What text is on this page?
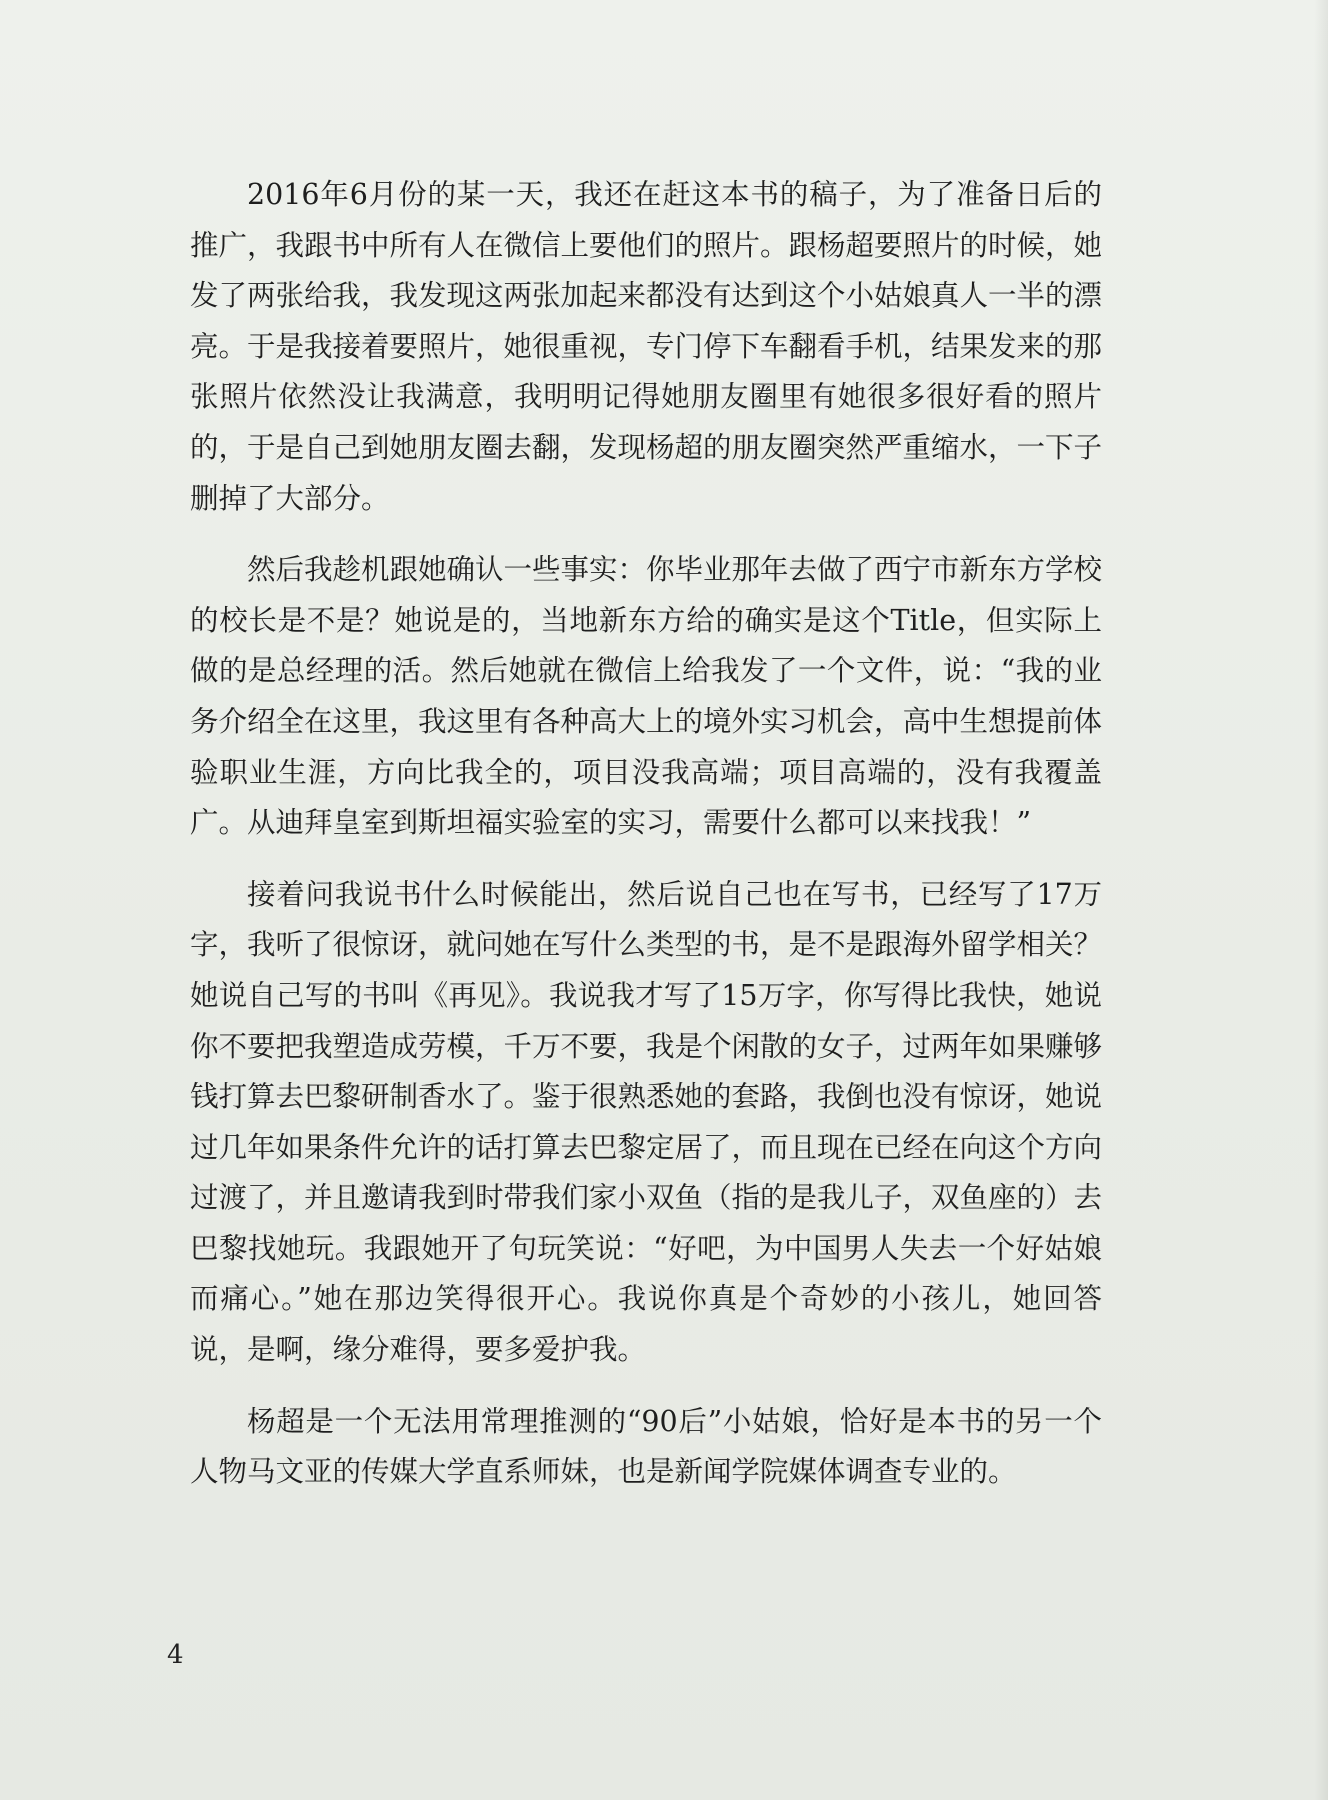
2016年6月份的某一天，我还在赶这本书的稿子，为了准备日后的推广，我跟书中所有人在微信上要他们的照片。跟杨超要照片的时候，她发了两张给我，我发现这两张加起来都没有达到这个小姑娘真人一半的漂亮。于是我接着要照片，她很重视，专门停下车翻看手机，结果发来的那张照片依然没让我满意，我明明记得她朋友圈里有她很多很好看的照片的，于是自己到她朋友圈去翻，发现杨超的朋友圈突然严重缩水，一下子删掉了大部分。

然后我趁机跟她确认一些事实：你毕业那年去做了西宁市新东方学校的校长是不是？她说是的，当地新东方给的确实是这个Title，但实际上做的是总经理的活。然后她就在微信上给我发了一个文件，说：“我的业务介绍全在这里，我这里有各种高大上的境外实习机会，高中生想提前体验职业生涯，方向比我全的，项目没我高端；项目高端的，没有我覆盖广。从迪拜皇室到斯坦福实验室的实习，需要什么都可以来找我！”

接着问我说书什么时候能出，然后说自己也在写书，已经写了17万字，我听了很惊讶，就问她在写什么类型的书，是不是跟海外留学相关？她说自己写的书叫《再见》。我说我才写了15万字，你写得比我快，她说你不要把我塑造成劳模，千万不要，我是个闲散的女子，过两年如果赚够钱打算去巴黎研制香水了。鉴于很熟悉她的套路，我倒也没有惊讶，她说过几年如果条件允许的话打算去巴黎定居了，而且现在已经在向这个方向过渡了，并且邀请我到时带我们家小双鱼（指的是我儿子，双鱼座的）去巴黎找她玩。我跟她开了句玩笑说：“好吧，为中国男人失去一个好姑娘而痛心。”她在那边笑得很开心。我说你真是个奇妙的小孩儿，她回答说，是啊，缘分难得，要多爱护我。

杨超是一个无法用常理推测的“90后”小姑娘，恰好是本书的另一个人物马文亚的传媒大学直系师妹，也是新闻学院媒体调查专业的。

4
